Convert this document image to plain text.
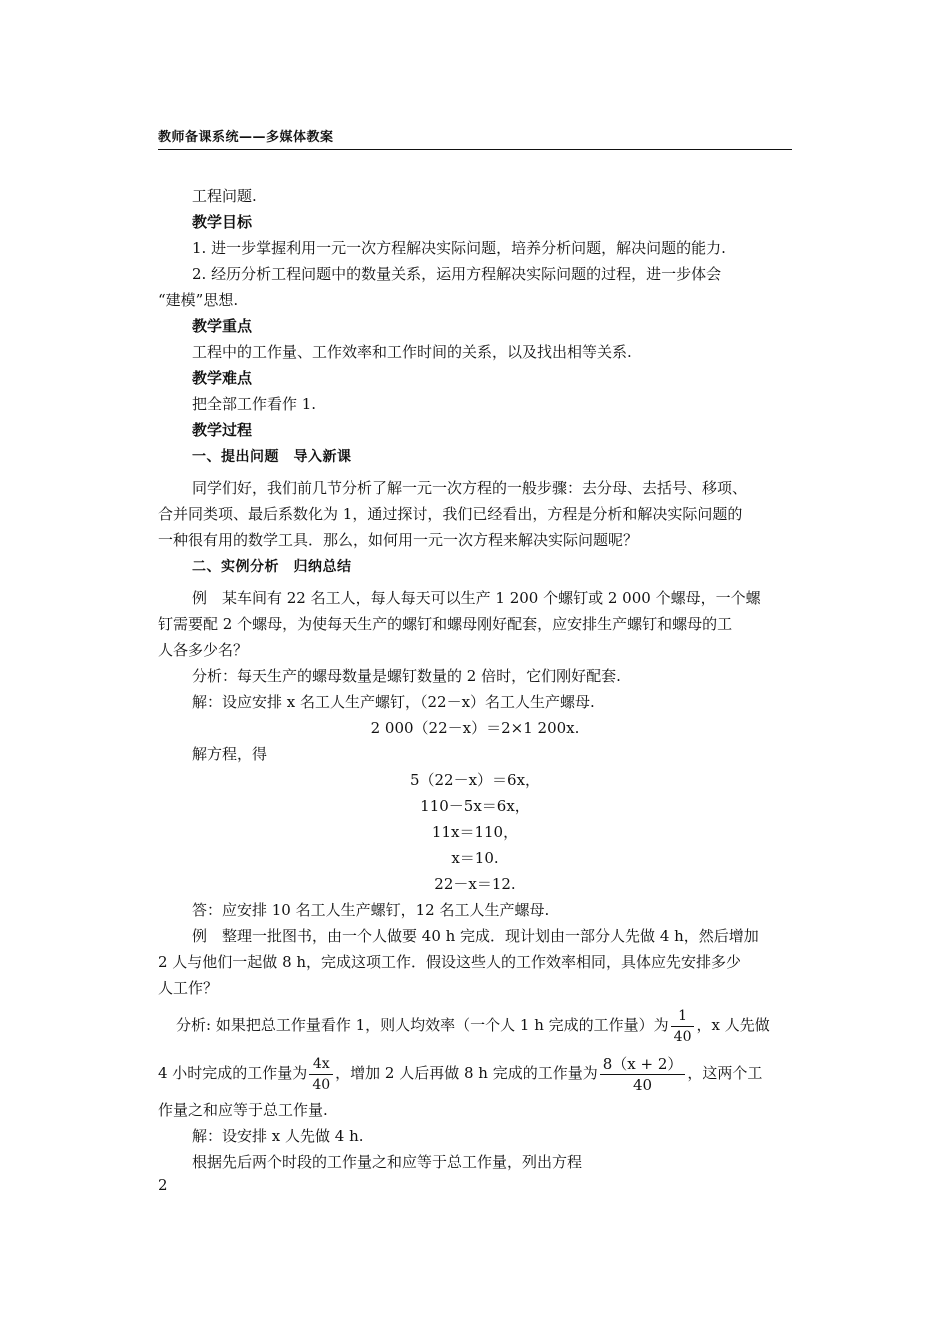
教师备课系统——多媒体教案
工程问题.
教学目标
1. 进一步掌握利用一元一次方程解决实际问题，培养分析问题，解决问题的能力.
2. 经历分析工程问题中的数量关系，运用方程解决实际问题的过程，进一步体会
“建模”思想.
教学重点
工程中的工作量、工作效率和工作时间的关系，以及找出相等关系.
教学难点
把全部工作看作 1.
教学过程
一、提出问题　导入新课
同学们好，我们前几节分析了解一元一次方程的一般步骤：去分母、去括号、移项、
合并同类项、最后系数化为 1，通过探讨，我们已经看出，方程是分析和解决实际问题的
一种很有用的数学工具．那么，如何用一元一次方程来解决实际问题呢？
二、实例分析　归纳总结
例　某车间有 22 名工人，每人每天可以生产 1 200 个螺钉或 2 000 个螺母，一个螺
钉需要配 2 个螺母，为使每天生产的螺钉和螺母刚好配套，应安排生产螺钉和螺母的工
人各多少名？
分析：每天生产的螺母数量是螺钉数量的 2 倍时，它们刚好配套.
解：设应安排 x 名工人生产螺钉，（22－x）名工人生产螺母.
2 000（22－x）＝2×1 200x.
解方程，得
5（22－x）＝6x，
110－5x＝6x，
11x＝110，
x＝10.
22－x＝12.
答：应安排 10 名工人生产螺钉，12 名工人生产螺母.
例　整理一批图书，由一个人做要 40 h 完成．现计划由一部分人先做 4 h，然后增加
2 人与他们一起做 8 h，完成这项工作．假设这些人的工作效率相同，具体应先安排多少
人工作？
分析: 如果把总工作量看作 1，则人均效率（一个人 1 h 完成的工作量）为 $\frac{1}{40}$ ，x 人先做
4 小时完成的工作量为 $\frac{4x}{40}$ ，增加 2 人后再做 8 h 完成的工作量为 $\frac{8(x + 2)}{40}$ ，这两个工
作量之和应等于总工作量.
解：设安排 x 人先做 4 h.
根据先后两个时段的工作量之和应等于总工作量，列出方程
2
